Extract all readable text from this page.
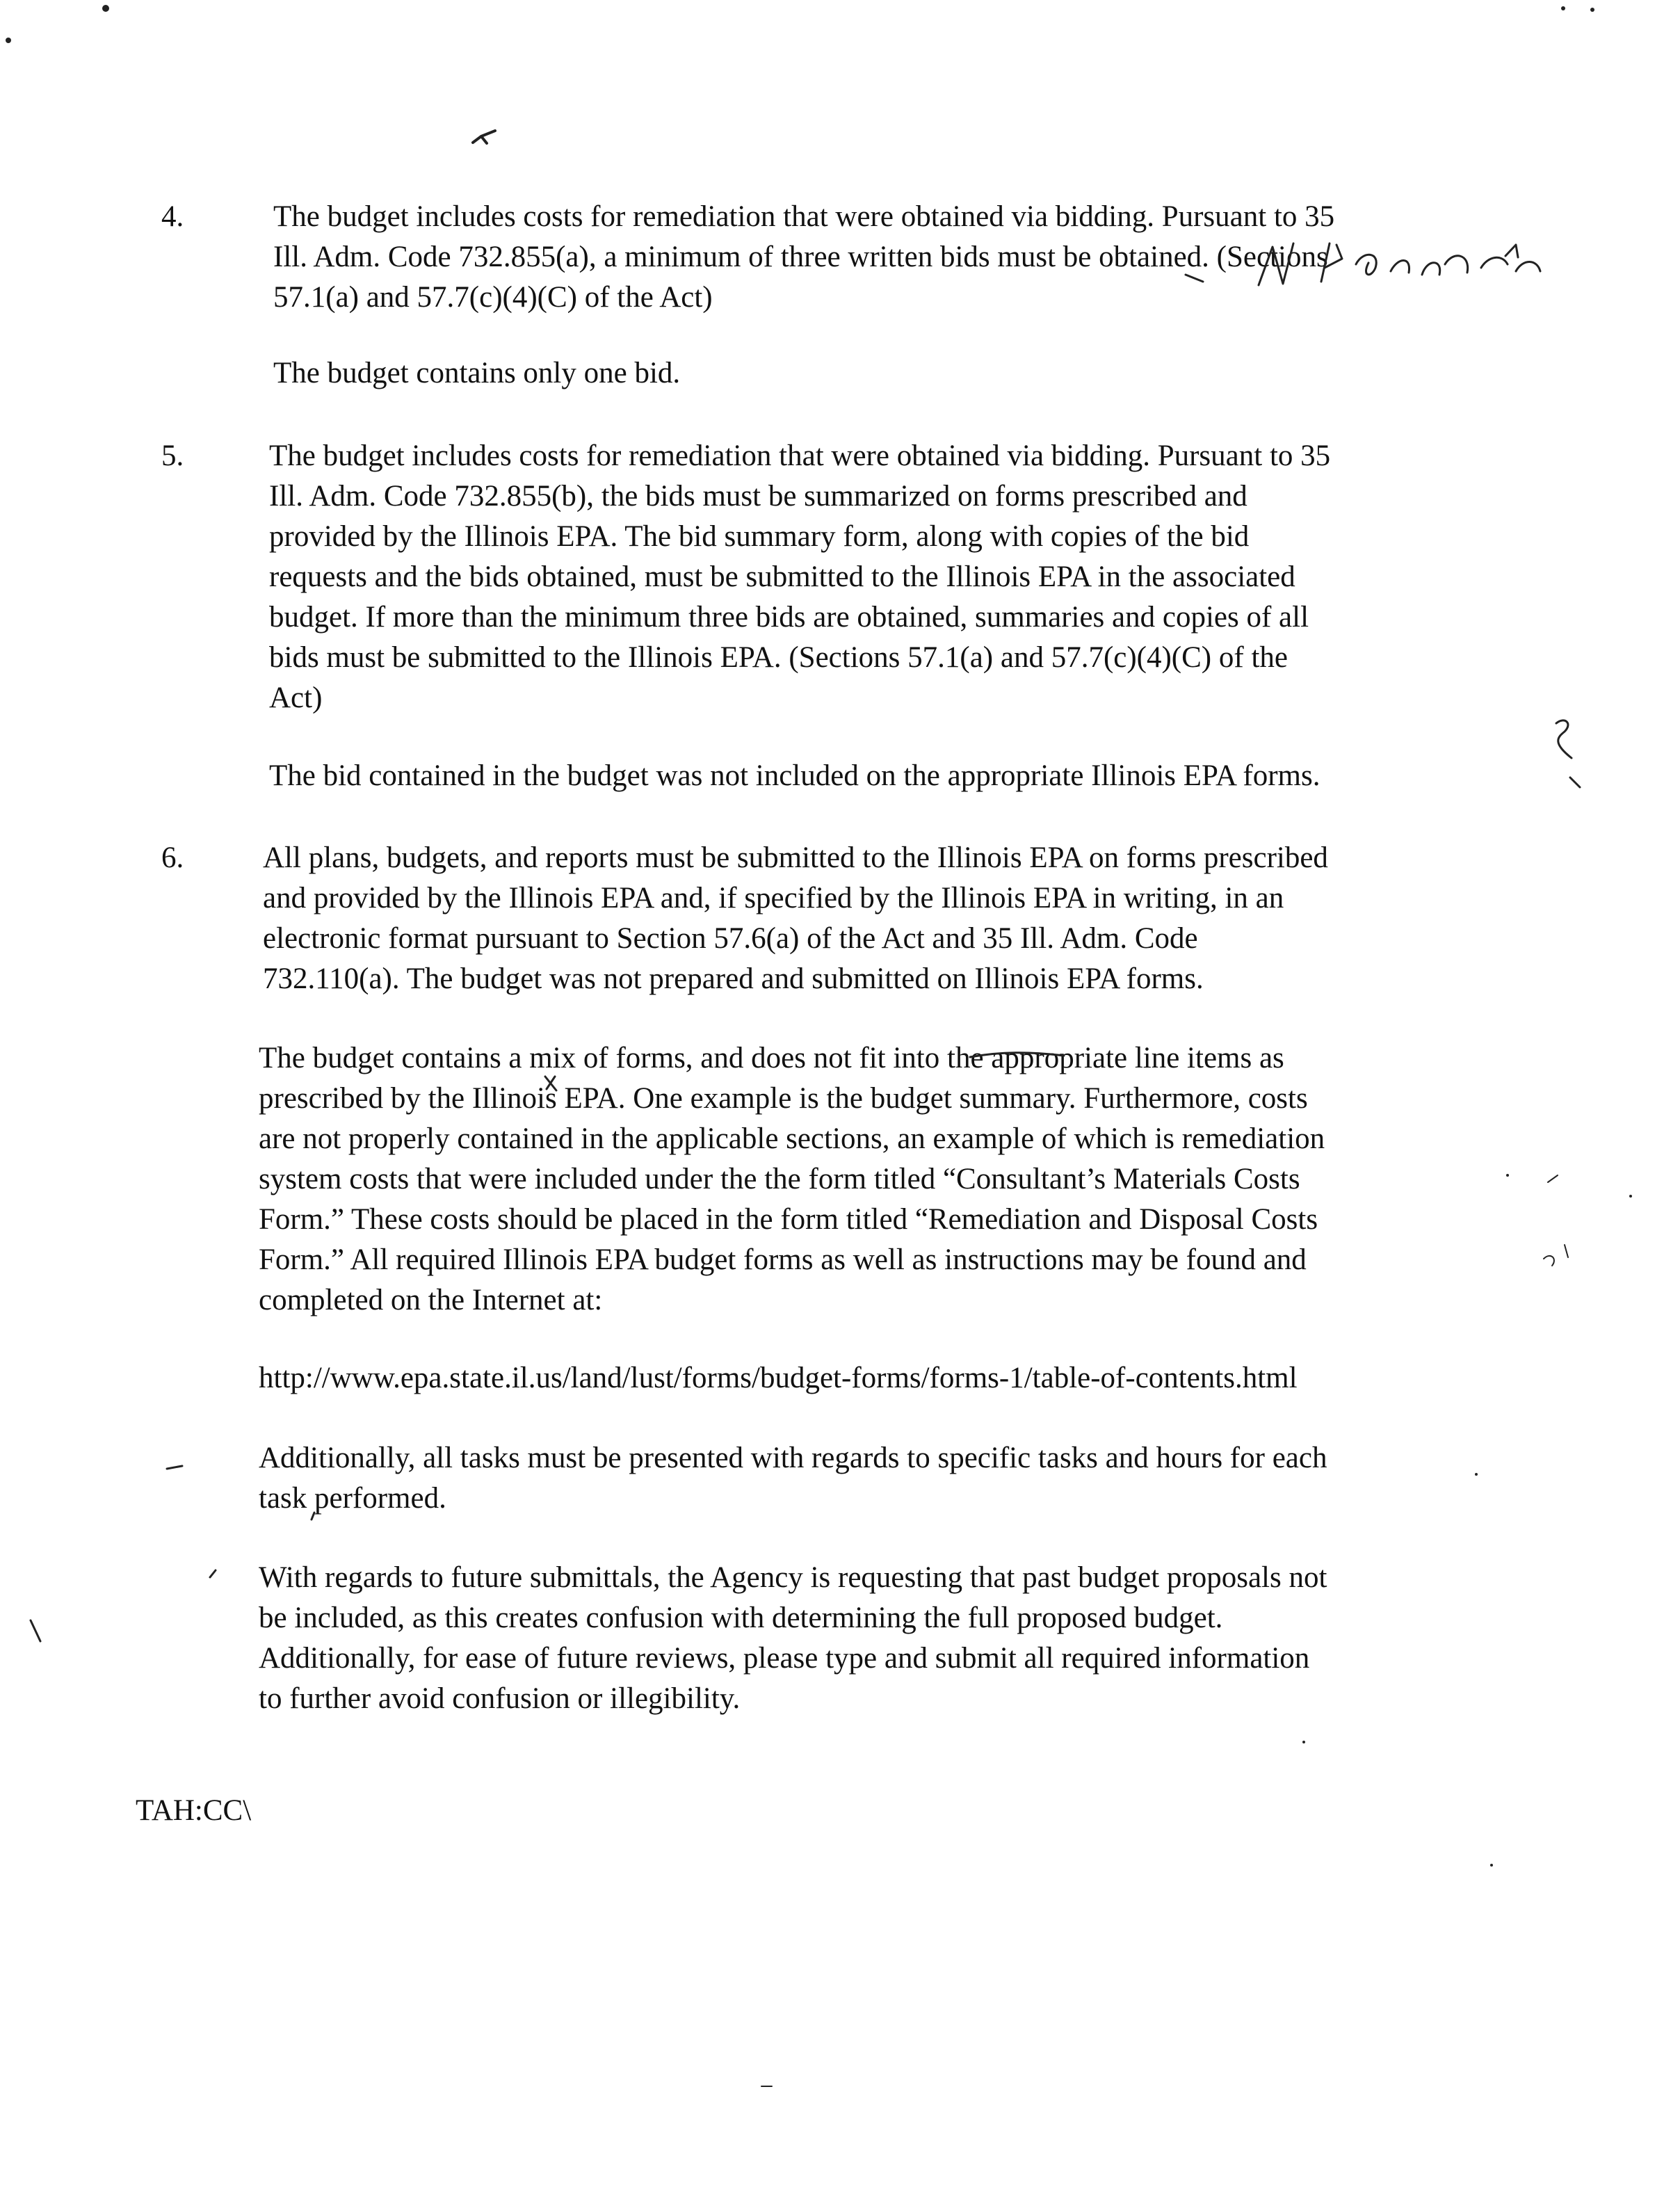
4.	The budget includes costs for remediation that were obtained via bidding. Pursuant to 35
Ill. Adm. Code 732.855(a), a minimum of three written bids must be obtained. (Sections
57.1(a) and 57.7(c)(4)(C) of the Act)
The budget contains only one bid.
5.	The budget includes costs for remediation that were obtained via bidding. Pursuant to 35
Ill. Adm. Code 732.855(b), the bids must be summarized on forms prescribed and
provided by the Illinois EPA. The bid summary form, along with copies of the bid
requests and the bids obtained, must be submitted to the Illinois EPA in the associated
budget. If more than the minimum three bids are obtained, summaries and copies of all
bids must be submitted to the Illinois EPA. (Sections 57.1(a) and 57.7(c)(4)(C) of the
Act)
The bid contained in the budget was not included on the appropriate Illinois EPA forms.
6.	All plans, budgets, and reports must be submitted to the Illinois EPA on forms prescribed
and provided by the Illinois EPA and, if specified by the Illinois EPA in writing, in an
electronic format pursuant to Section 57.6(a) of the Act and 35 Ill. Adm. Code
732.110(a). The budget was not prepared and submitted on Illinois EPA forms.
The budget contains a mix of forms, and does not fit into the appropriate line items as
prescribed by the Illinois EPA. One example is the budget summary. Furthermore, costs
are not properly contained in the applicable sections, an example of which is remediation
system costs that were included under the the form titled “Consultant’s Materials Costs
Form.” These costs should be placed in the form titled “Remediation and Disposal Costs
Form.” All required Illinois EPA budget forms as well as instructions may be found and
completed on the Internet at:
http://www.epa.state.il.us/land/lust/forms/budget-forms/forms-1/table-of-contents.html
Additionally, all tasks must be presented with regards to specific tasks and hours for each
task performed.
With regards to future submittals, the Agency is requesting that past budget proposals not
be included, as this creates confusion with determining the full proposed budget.
Additionally, for ease of future reviews, please type and submit all required information
to further avoid confusion or illegibility.
TAH:CC\
